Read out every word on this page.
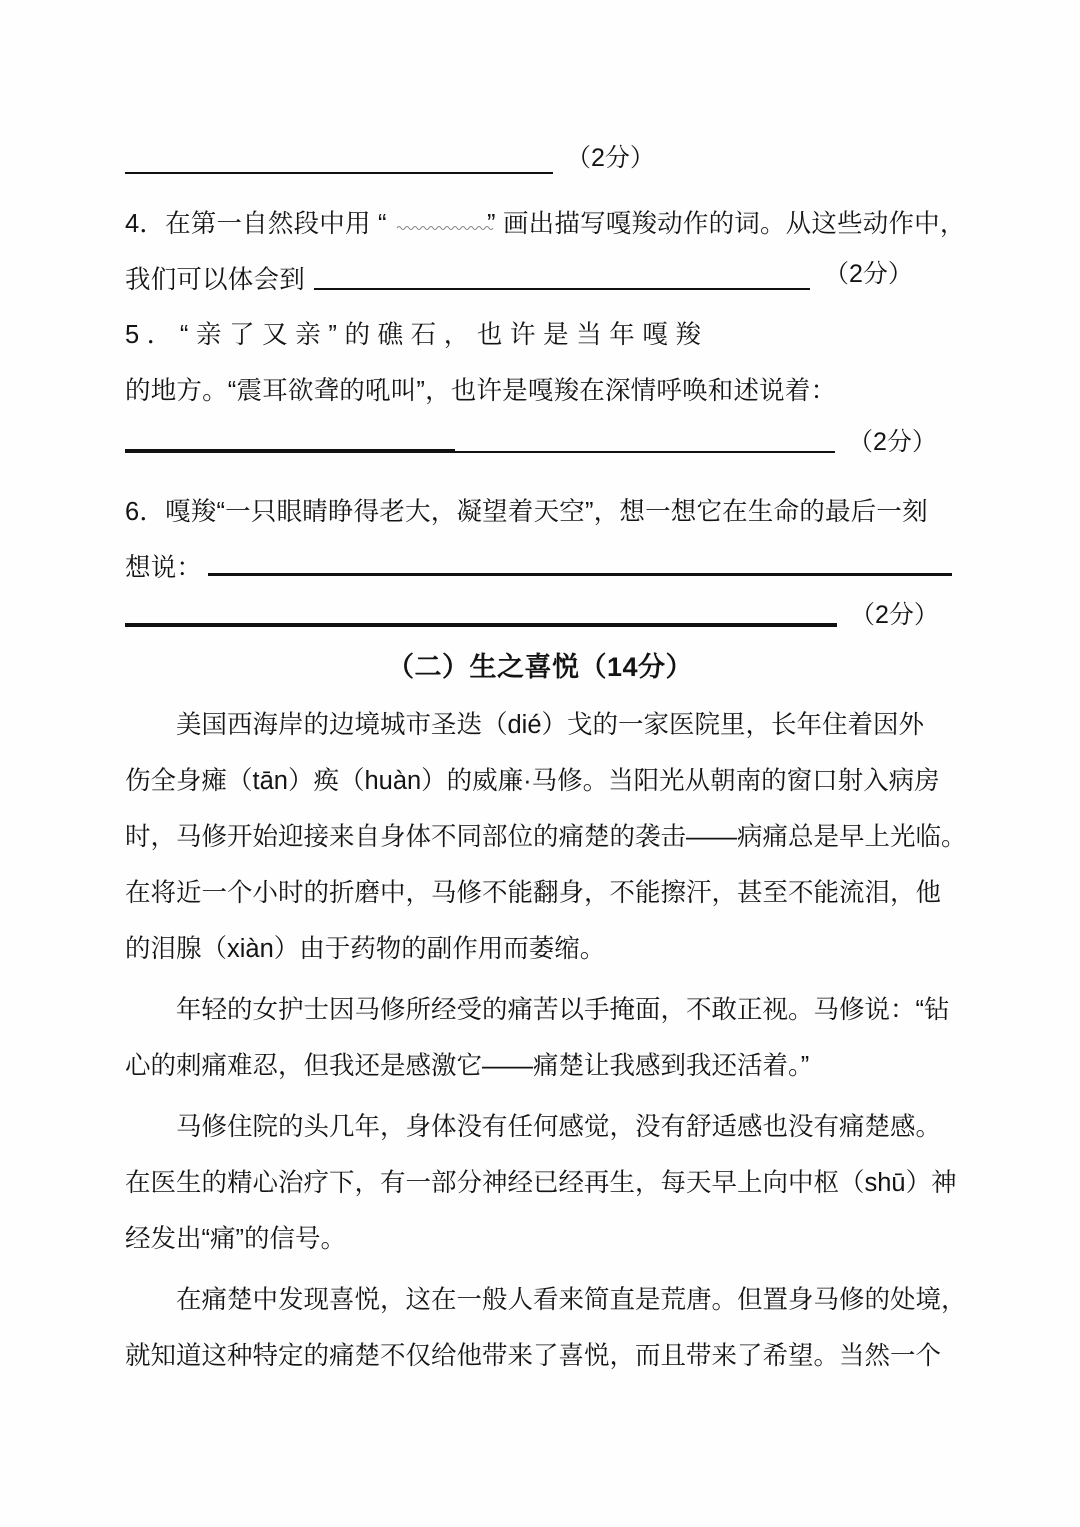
（2分）
4．在第一自然段中用 “	” 画出描写嘎羧动作的词。从这些动作中，
我们可以体会到	（2分）
5．“亲了又亲”的礁石，也许是当年嘎羧
的地方。“震耳欲聋的吼叫”，也许是嘎羧在深情呼唤和述说着：
（2分）
6．嘎羧“一只眼睛睁得老大，凝望着天空”，想一想它在生命的最后一刻
想说：
（2分）
（二）生之喜悦（14分）
　　美国西海岸的边境城市圣迭（dié）戈的一家医院里，长年住着因外
伤全身瘫（tān）痪（huàn）的威廉·马修。当阳光从朝南的窗口射入病房
时，马修开始迎接来自身体不同部位的痛楚的袭击——病痛总是早上光临。
在将近一个小时的折磨中，马修不能翻身，不能擦汗，甚至不能流泪，他
的泪腺（xiàn）由于药物的副作用而萎缩。
　　年轻的女护士因马修所经受的痛苦以手掩面，不敢正视。马修说：“钻
心的刺痛难忍，但我还是感激它——痛楚让我感到我还活着。”
　　马修住院的头几年，身体没有任何感觉，没有舒适感也没有痛楚感。
在医生的精心治疗下，有一部分神经已经再生，每天早上向中枢（shū）神
经发出“痛”的信号。
　　在痛楚中发现喜悦，这在一般人看来简直是荒唐。但置身马修的处境，
就知道这种特定的痛楚不仅给他带来了喜悦，而且带来了希望。当然一个
